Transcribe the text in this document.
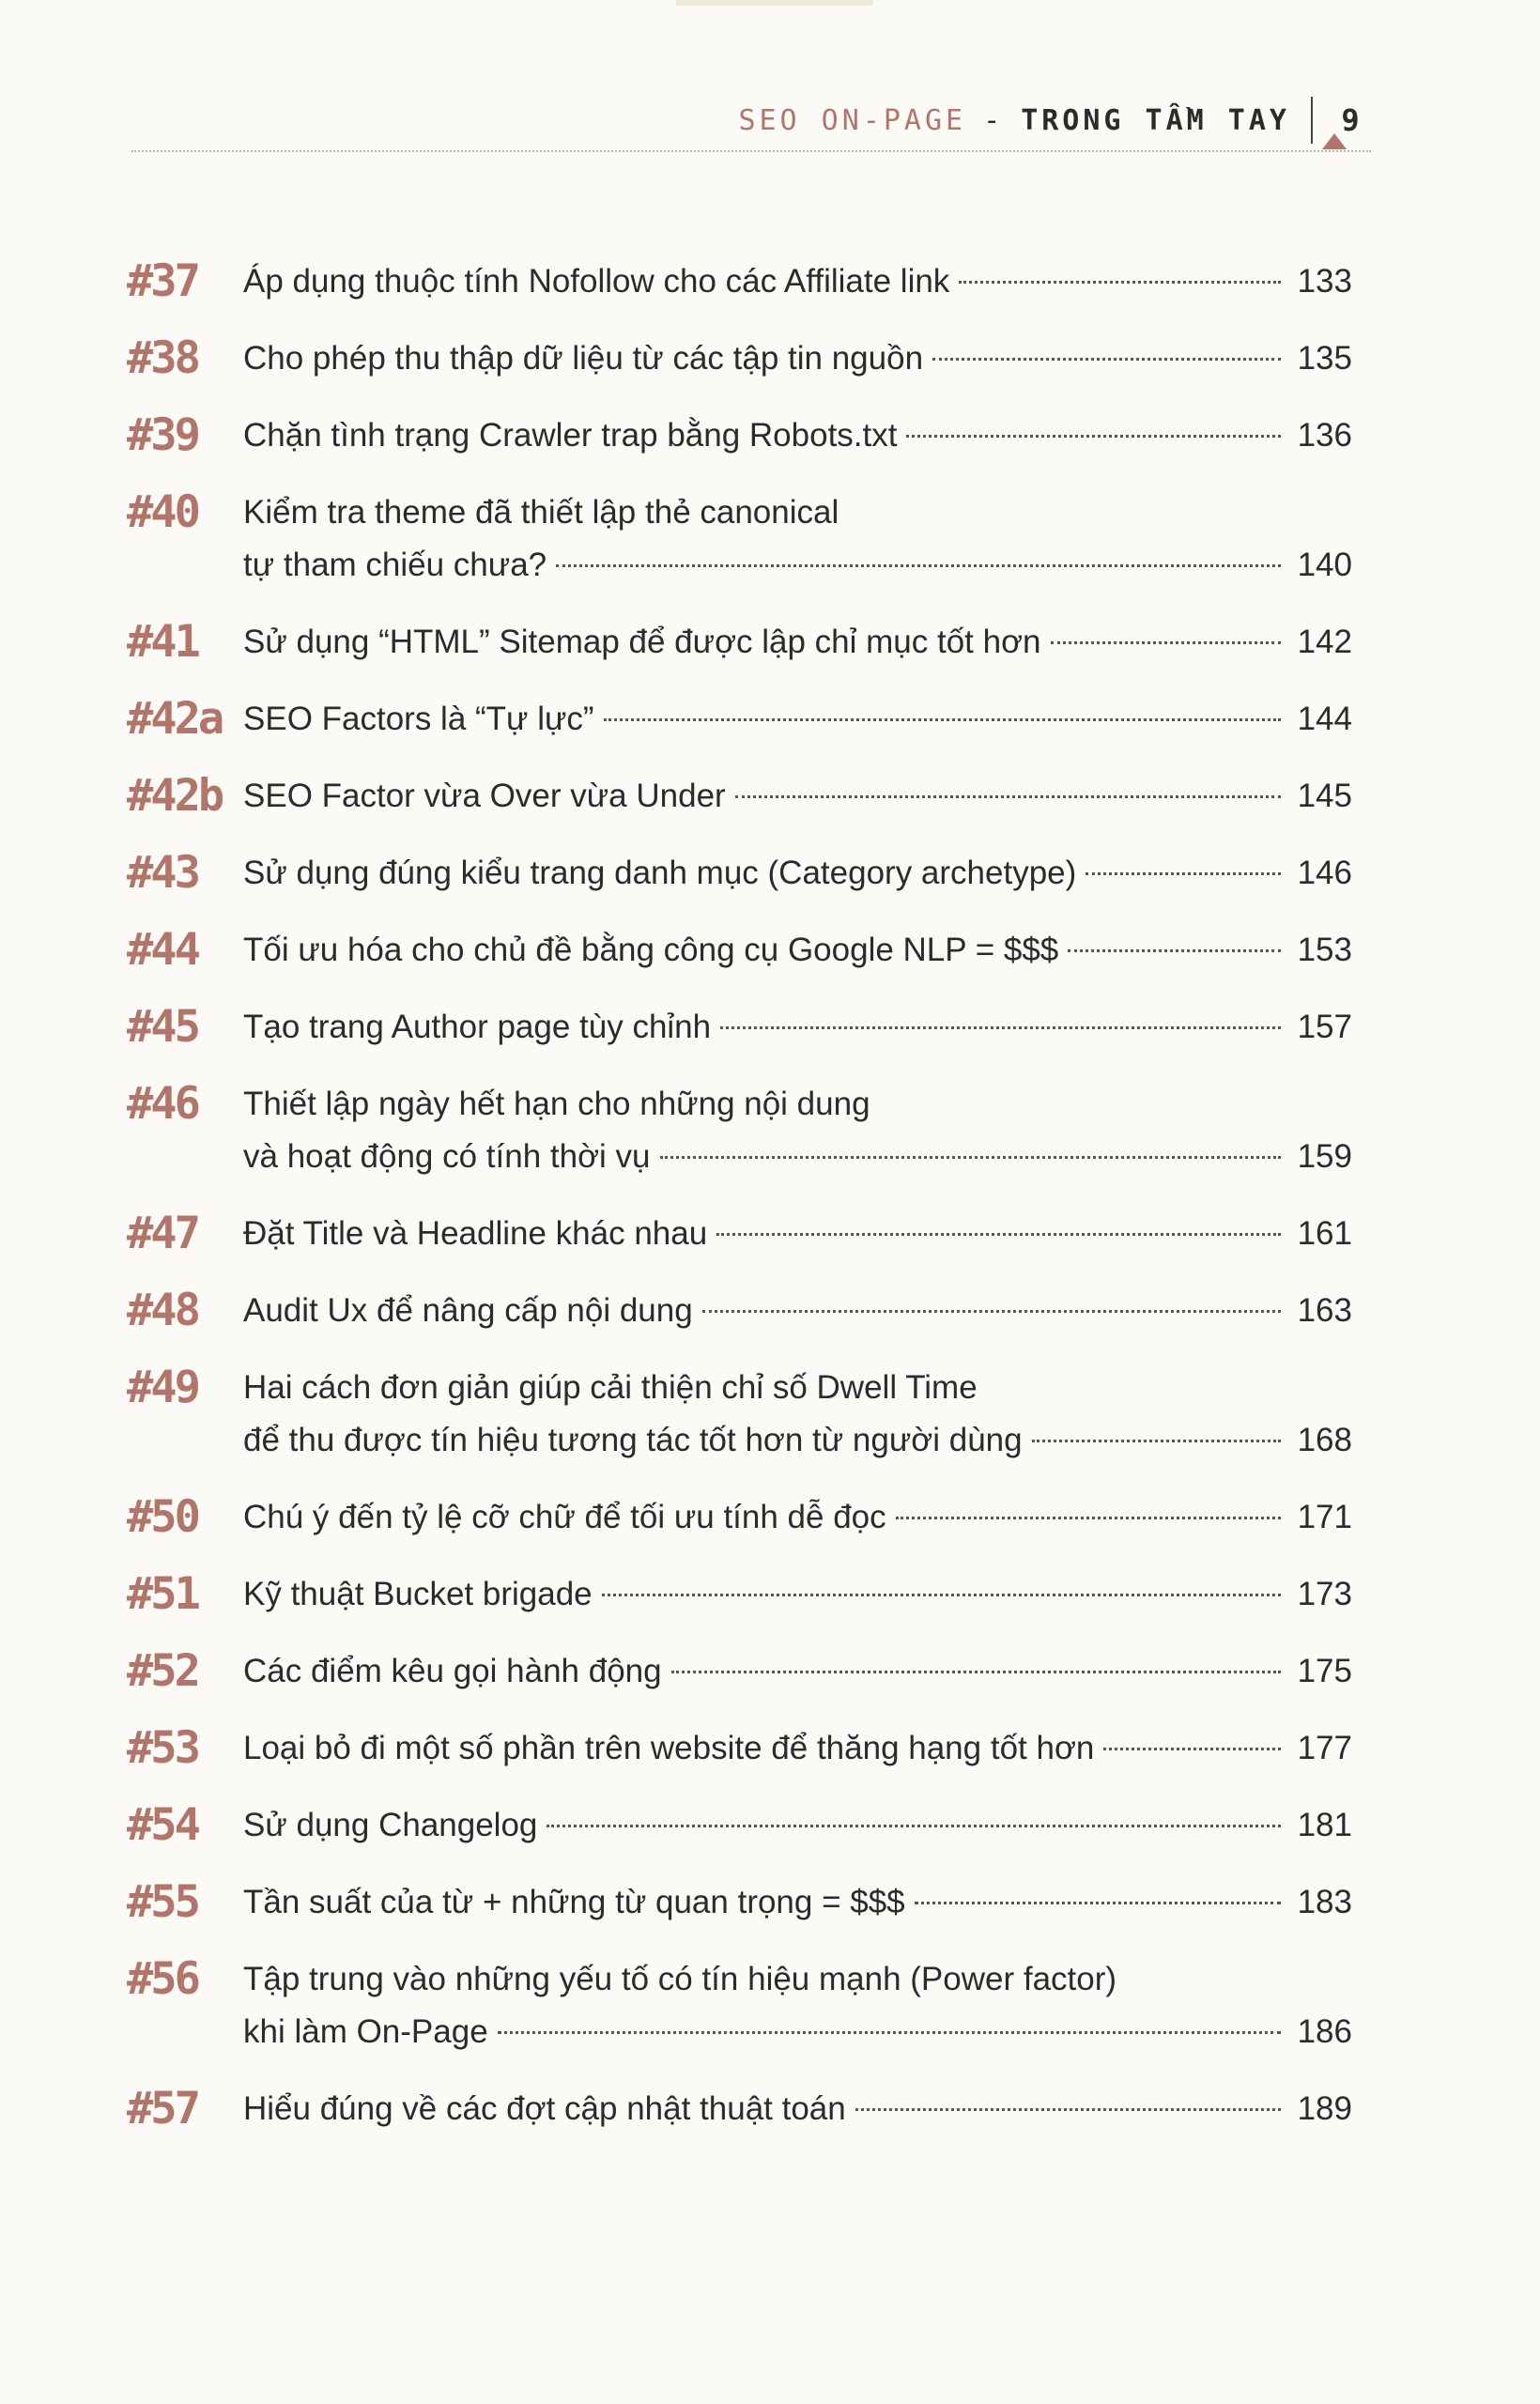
SEO ON-PAGE - TRONG TẦM TAY 9
#37	Áp dụng thuộc tính Nofollow cho các Affiliate link	133
#38	Cho phép thu thập dữ liệu từ các tập tin nguồn	135
#39	Chặn tình trạng Crawler trap bằng Robots.txt	136
#40	Kiểm tra theme đã thiết lập thẻ canonical
tự tham chiếu chưa?	140
#41	Sử dụng “HTML” Sitemap để được lập chỉ mục tốt hơn	142
#42a SEO Factors là “Tự lực”	144
#42b SEO Factor vừa Over vừa Under	145
#43	Sử dụng đúng kiểu trang danh mục (Category archetype)	146
#44	Tối ưu hóa cho chủ đề bằng công cụ Google NLP = $$$	153
#45	Tạo trang Author page tùy chỉnh	157
#46	Thiết lập ngày hết hạn cho những nội dung
và hoạt động có tính thời vụ	159
#47	Đặt Title và Headline khác nhau	161
#48	Audit Ux để nâng cấp nội dung	163
#49	Hai cách đơn giản giúp cải thiện chỉ số Dwell Time
để thu được tín hiệu tương tác tốt hơn từ người dùng	168
#50	Chú ý đến tỷ lệ cỡ chữ để tối ưu tính dễ đọc	171
#51	Kỹ thuật Bucket brigade	173
#52	Các điểm kêu gọi hành động	175
#53	Loại bỏ đi một số phần trên website để thăng hạng tốt hơn	177
#54	Sử dụng Changelog	181
#55	Tần suất của từ + những từ quan trọng = $$$	183
#56	Tập trung vào những yếu tố có tín hiệu mạnh (Power factor)
khi làm On-Page	186
#57	Hiểu đúng về các đợt cập nhật thuật toán	189
